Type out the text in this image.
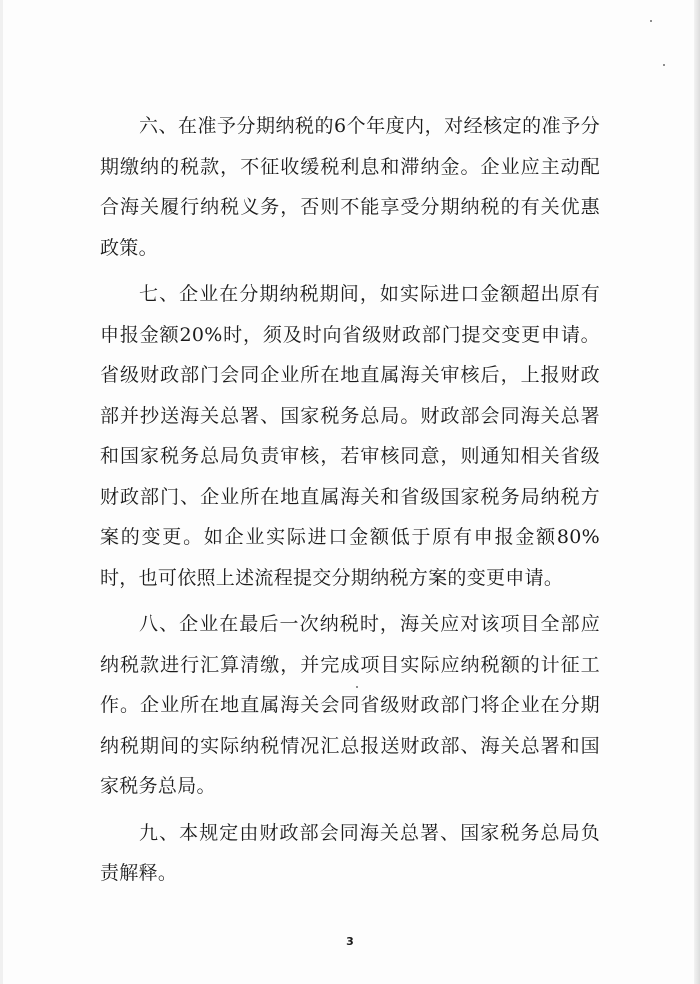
六、在准予分期纳税的6个年度内，对经核定的准予分期缴纳的税款，不征收缓税利息和滞纳金。企业应主动配合海关履行纳税义务，否则不能享受分期纳税的有关优惠政策。

七、企业在分期纳税期间，如实际进口金额超出原有申报金额20%时，须及时向省级财政部门提交变更申请。省级财政部门会同企业所在地直属海关审核后，上报财政部并抄送海关总署、国家税务总局。财政部会同海关总署和国家税务总局负责审核，若审核同意，则通知相关省级财政部门、企业所在地直属海关和省级国家税务局纳税方案的变更。如企业实际进口金额低于原有申报金额80%时，也可依照上述流程提交分期纳税方案的变更申请。

八、企业在最后一次纳税时，海关应对该项目全部应纳税款进行汇算清缴，并完成项目实际应纳税额的计征工作。企业所在地直属海关会同省级财政部门将企业在分期纳税期间的实际纳税情况汇总报送财政部、海关总署和国家税务总局。

九、本规定由财政部会同海关总署、国家税务总局负责解释。

3
